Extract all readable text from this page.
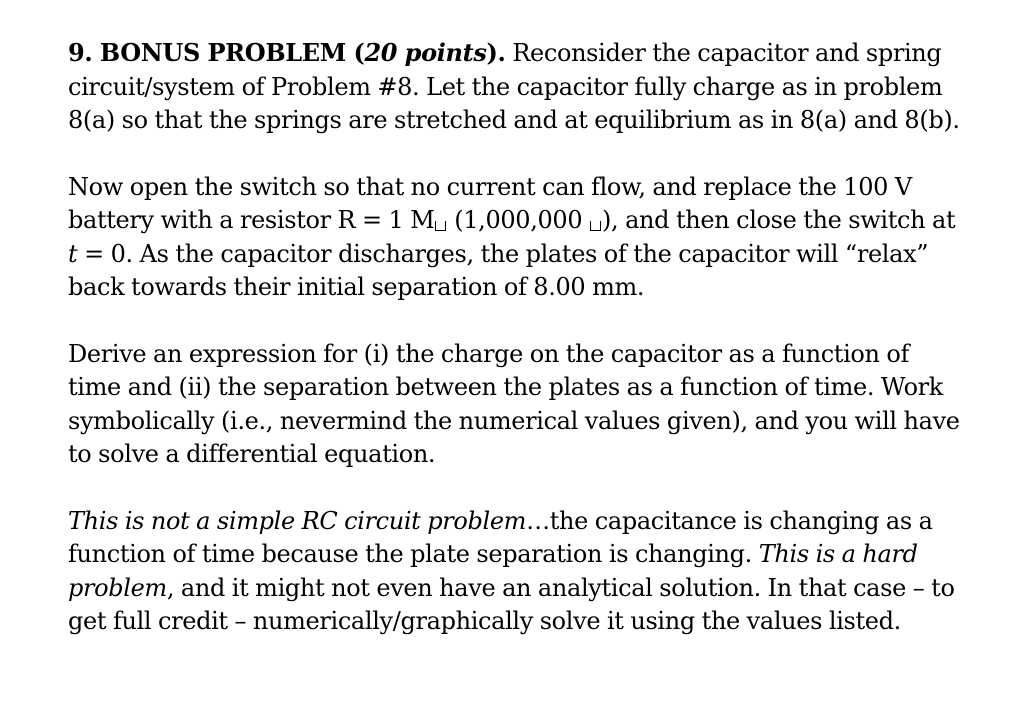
9. BONUS PROBLEM (20 points). Reconsider the capacitor and spring circuit/system of Problem #8. Let the capacitor fully charge as in problem 8(a) so that the springs are stretched and at equilibrium as in 8(a) and 8(b).

Now open the switch so that no current can flow, and replace the 100 V battery with a resistor R = 1 M (1,000,000 ), and then close the switch at t = 0. As the capacitor discharges, the plates of the capacitor will “relax” back towards their initial separation of 8.00 mm.

Derive an expression for (i) the charge on the capacitor as a function of time and (ii) the separation between the plates as a function of time. Work symbolically (i.e., nevermind the numerical values given), and you will have to solve a differential equation.

This is not a simple RC circuit problem…the capacitance is changing as a function of time because the plate separation is changing. This is a hard problem, and it might not even have an analytical solution. In that case – to get full credit – numerically/graphically solve it using the values listed.
